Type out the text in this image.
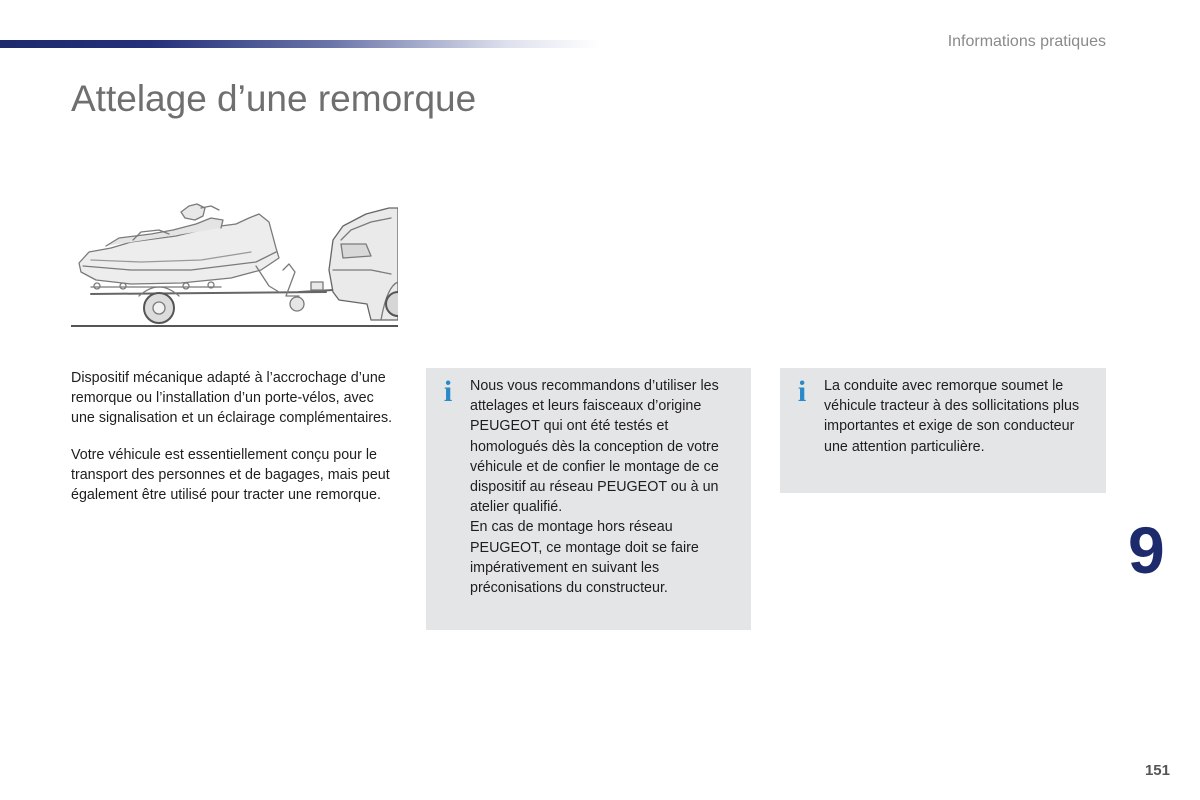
Informations pratiques
Attelage d’une remorque

Dispositif mécanique adapté à l’accrochage d’une remorque ou l’installation d’un porte-vélos, avec une signalisation et un éclairage complémentaires.

Votre véhicule est essentiellement conçu pour le transport des personnes et de bagages, mais peut également être utilisé pour tracter une remorque.

i	Nous vous recommandons d’utiliser les attelages et leurs faisceaux d’origine PEUGEOT qui ont été testés et homologués dès la conception de votre véhicule et de confier le montage de ce dispositif au réseau PEUGEOT ou à un atelier qualifié.

En cas de montage hors réseau PEUGEOT, ce montage doit se faire impérativement en suivant les préconisations du constructeur.

i	La conduite avec remorque soumet le véhicule tracteur à des sollicitations plus importantes et exige de son conducteur une attention particulière.

9
151
